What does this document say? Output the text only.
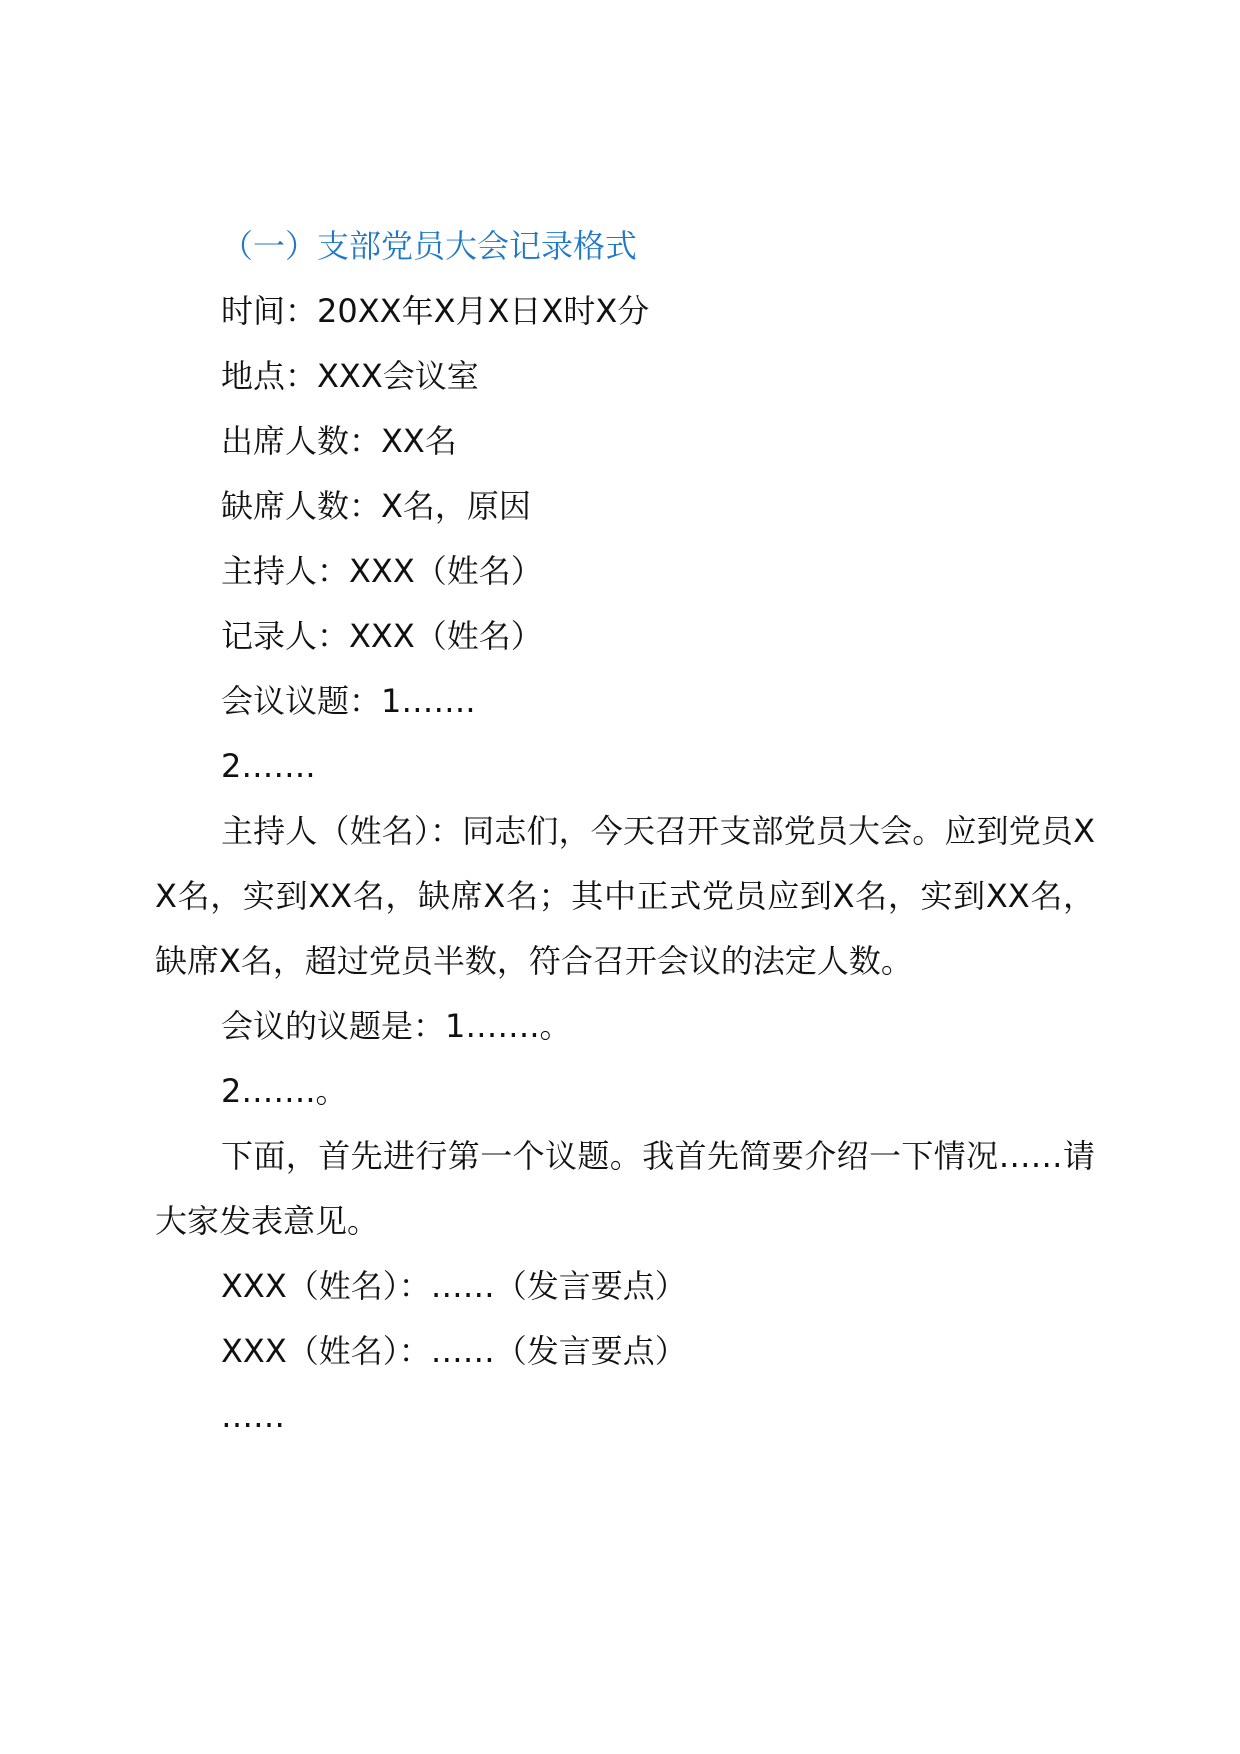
（一）支部党员大会记录格式

时间：20XX年X月X日X时X分

地点：XXX会议室

出席人数：XX名

缺席人数：X名，原因

主持人：XXX（姓名）

记录人：XXX（姓名）

会议议题：1…….

2…….

主持人（姓名）：同志们，今天召开支部党员大会。应到党员XX名，实到XX名，缺席X名；其中正式党员应到X名，实到XX名，缺席X名，超过党员半数，符合召开会议的法定人数。

会议的议题是：1…….。

2…….。

下面，首先进行第一个议题。我首先简要介绍一下情况……请大家发表意见。

XXX（姓名）：……（发言要点）

XXX（姓名）：……（发言要点）

……
